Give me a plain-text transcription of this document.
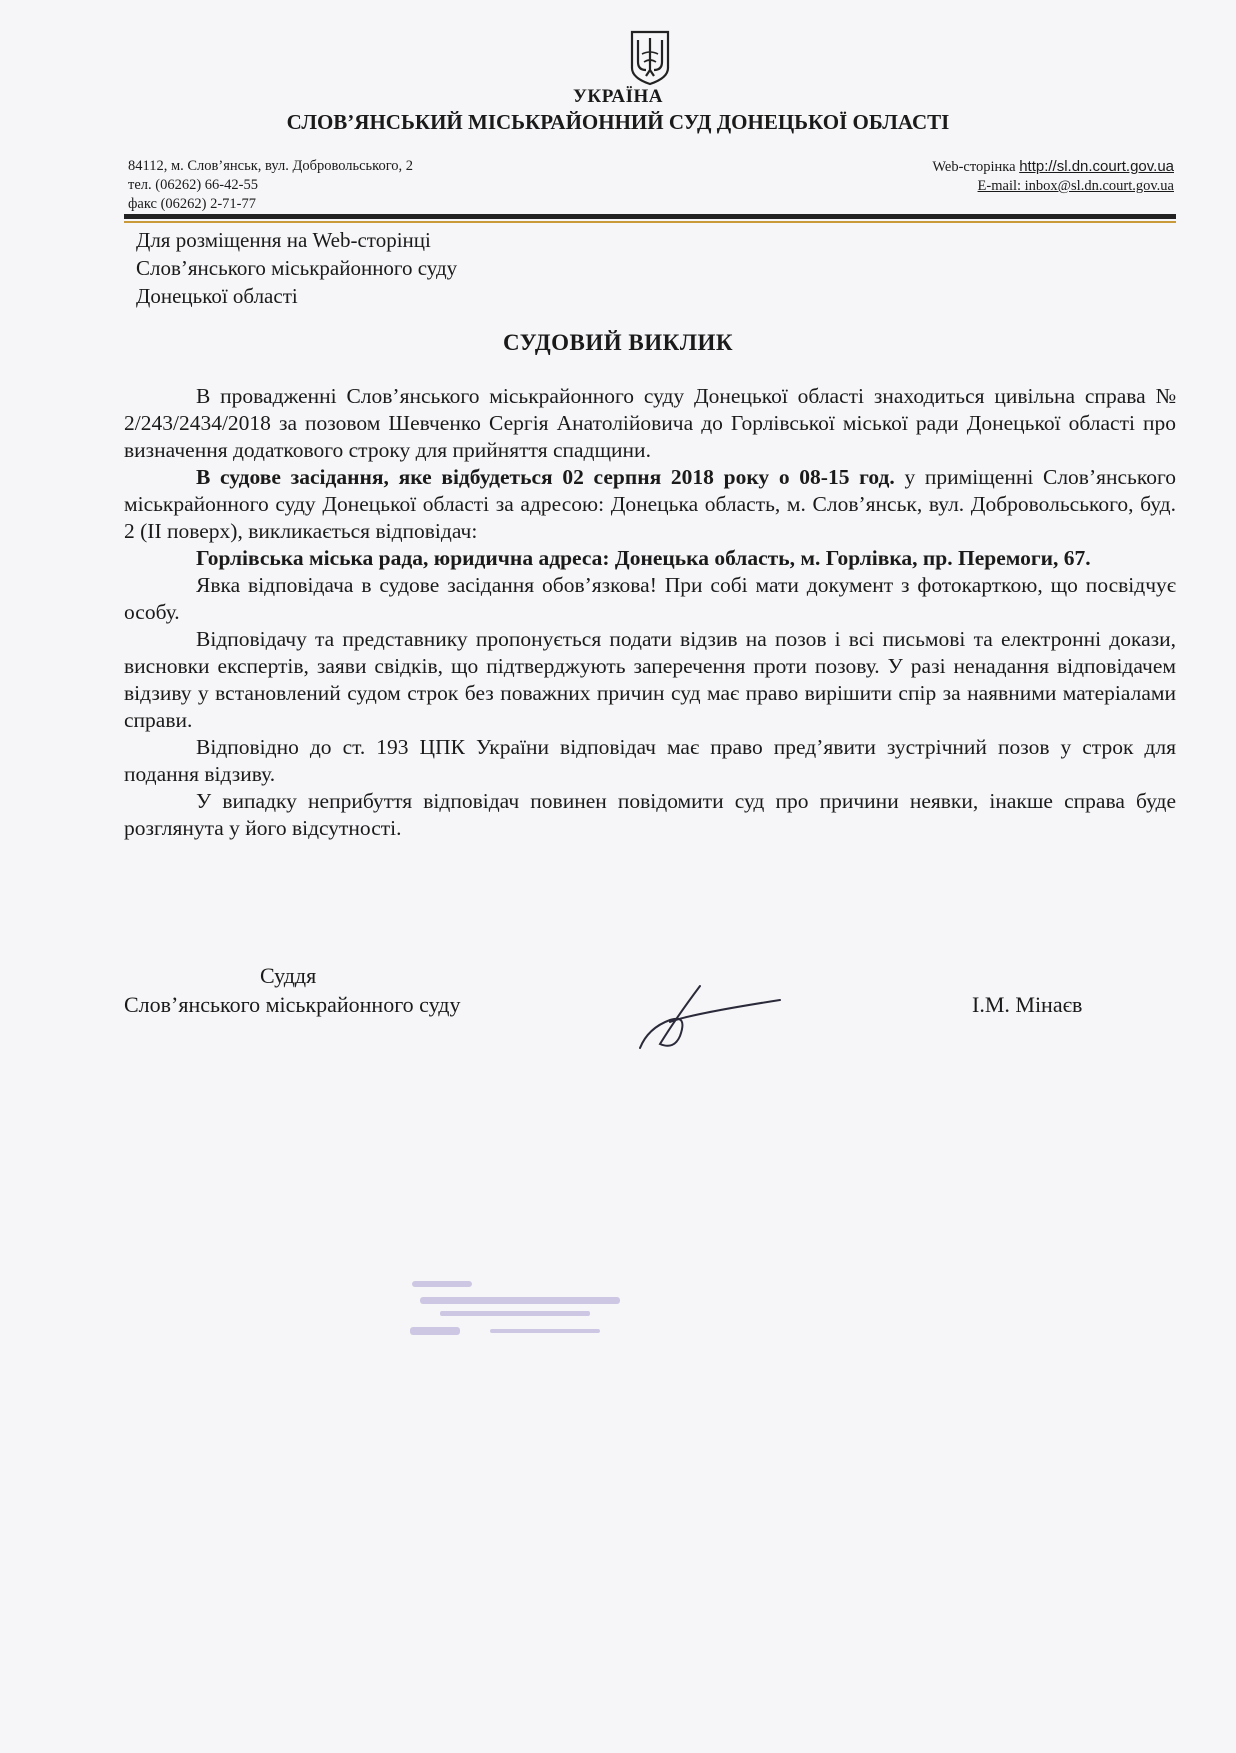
УКРАЇНА
СЛОВ’ЯНСЬКИЙ МІСЬКРАЙОННИЙ СУД ДОНЕЦЬКОЇ ОБЛАСТІ
84112, м. Слов’янськ, вул. Добровольського, 2
тел. (06262) 66-42-55
факс (06262) 2-71-77
Web-сторінка http://sl.dn.court.gov.ua
E-mail: inbox@sl.dn.court.gov.ua
Для розміщення на Web-сторінці
Слов’янського міськрайонного суду
Донецької області
СУДОВИЙ ВИКЛИК

В провадженні Слов’янського міськрайонного суду Донецької області знаходиться цивільна справа № 2/243/2434/2018 за позовом Шевченко Сергія Анатолійовича до Горлівської міської ради Донецької області про визначення додаткового строку для прийняття спадщини.

В судове засідання, яке відбудеться 02 серпня 2018 року о 08-15 год. у приміщенні Слов’янського міськрайонного суду Донецької області за адресою: Донецька область, м. Слов’янськ, вул. Добровольського, буд. 2 (ІІ поверх), викликається відповідач:

Горлівська міська рада, юридична адреса: Донецька область, м. Горлівка, пр. Перемоги, 67.

Явка відповідача в судове засідання обов’язкова! При собі мати документ з фотокарткою, що посвідчує особу.

Відповідачу та представнику пропонується подати відзив на позов і всі письмові та електронні докази, висновки експертів, заяви свідків, що підтверджують заперечення проти позову. У разі ненадання відповідачем відзиву у встановлений судом строк без поважних причин суд має право вирішити спір за наявними матеріалами справи.

Відповідно до ст. 193 ЦПК України відповідач має право пред’явити зустрічний позов у строк для подання відзиву.

У випадку неприбуття відповідач повинен повідомити суд про причини неявки, інакше справа буде розглянута у його відсутності.

Суддя
Слов’янського міськрайонного суду	І.М. Мінаєв
